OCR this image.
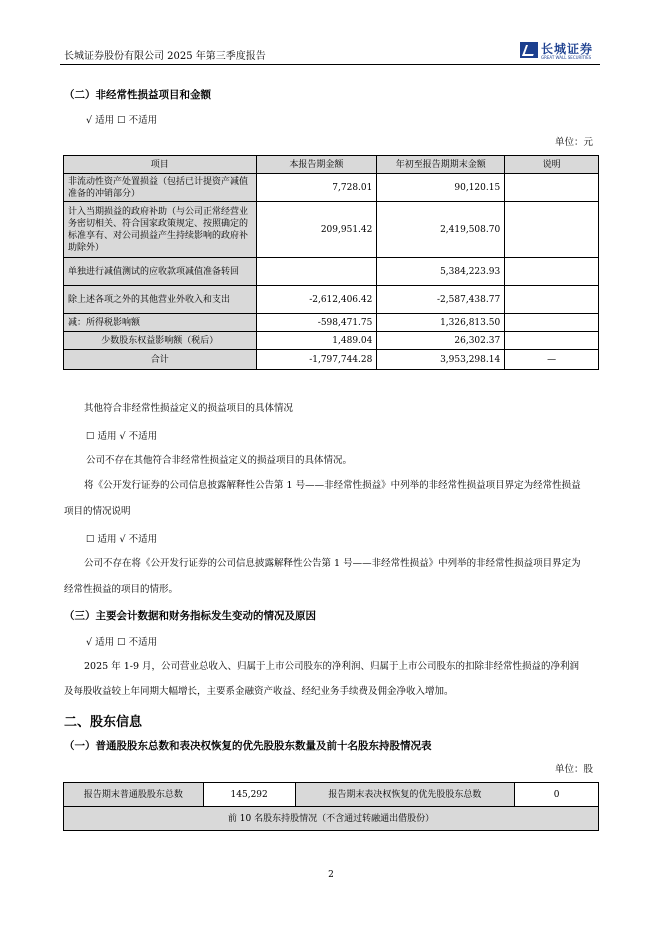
长城证券股份有限公司 2025 年第三季度报告
长城证券
GREAT WALL SECURITIES
（二）非经常性损益项目和金额
√ 适用 ☐ 不适用
单位：元
项目	本报告期金额	年初至报告期期末金额	说明
非流动性资产处置损益（包括已计提资产减值准备的冲销部分）	7,728.01	90,120.15	
计入当期损益的政府补助（与公司正常经营业务密切相关、符合国家政策规定、按照确定的标准享有、对公司损益产生持续影响的政府补助除外）	209,951.42	2,419,508.70	
单独进行减值测试的应收款项减值准备转回		5,384,223.93	
除上述各项之外的其他营业外收入和支出	-2,612,406.42	-2,587,438.77	
减：所得税影响额	-598,471.75	1,326,813.50	
少数股东权益影响额（税后）	1,489.04	26,302.37	
合计	-1,797,744.28	3,953,298.14	—
其他符合非经常性损益定义的损益项目的具体情况
☐ 适用 √ 不适用
公司不存在其他符合非经常性损益定义的损益项目的具体情况。
将《公开发行证券的公司信息披露解释性公告第 1 号——非经常性损益》中列举的非经常性损益项目界定为经常性损益
项目的情况说明
☐ 适用 √ 不适用
公司不存在将《公开发行证券的公司信息披露解释性公告第 1 号——非经常性损益》中列举的非经常性损益项目界定为
经常性损益的项目的情形。
（三）主要会计数据和财务指标发生变动的情况及原因
√ 适用 ☐ 不适用
2025 年 1-9 月，公司营业总收入、归属于上市公司股东的净利润、归属于上市公司股东的扣除非经常性损益的净利润
及每股收益较上年同期大幅增长，主要系金融资产收益、经纪业务手续费及佣金净收入增加。
二、股东信息
（一）普通股股东总数和表决权恢复的优先股股东数量及前十名股东持股情况表
单位：股
报告期末普通股股东总数	145,292	报告期末表决权恢复的优先股股东总数	0
前 10 名股东持股情况（不含通过转融通出借股份）
2
